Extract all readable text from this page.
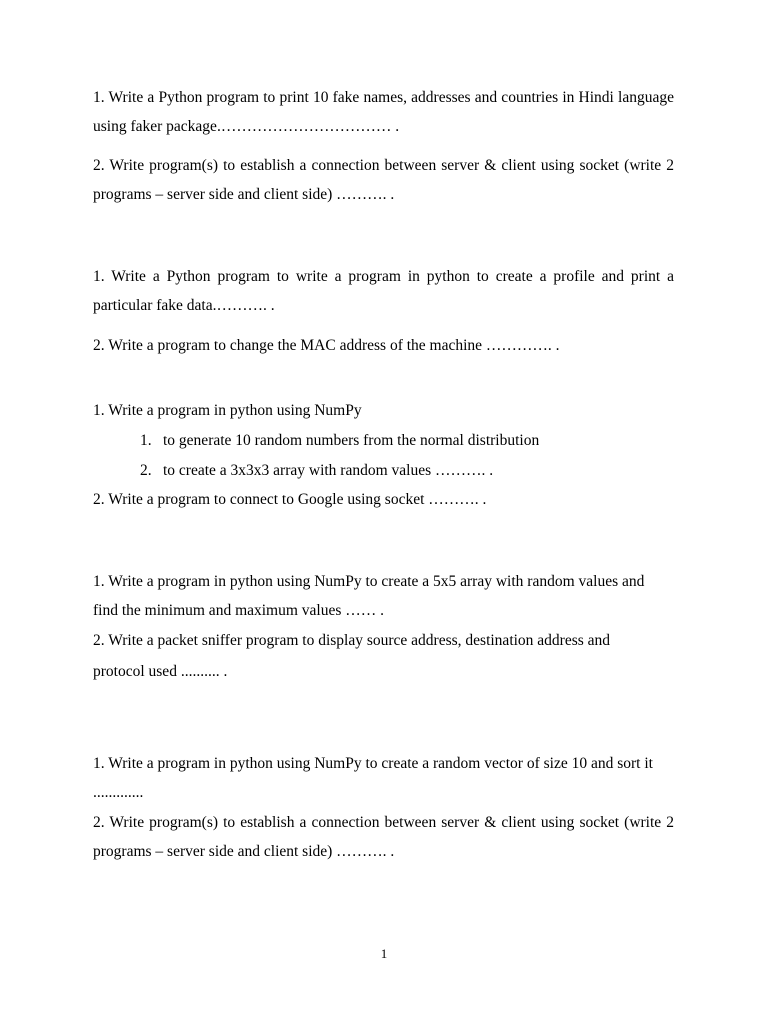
1. Write a Python program to print 10 fake names, addresses and countries in Hindi language using faker package.…………………………… .

2. Write program(s) to establish a connection between server & client using socket (write 2 programs – server side and client side) ………. .

1. Write a Python program to write a program in python to create a profile and print a particular fake data.………. .

2. Write a program to change the MAC address of the machine …………. .

1. Write a program in python using NumPy

1. to generate 10 random numbers from the normal distribution

2. to create a 3x3x3 array with random values ………. .

2. Write a program to connect to Google using socket ………. .

1. Write a program in python using NumPy to create a 5x5 array with random values and find the minimum and maximum values …… .

2. Write a packet sniffer program to display source address, destination address and protocol used .......... .

1. Write a program in python using NumPy to create a random vector of size 10 and sort it .............

2. Write program(s) to establish a connection between server & client using socket (write 2 programs – server side and client side) ………. .

1
